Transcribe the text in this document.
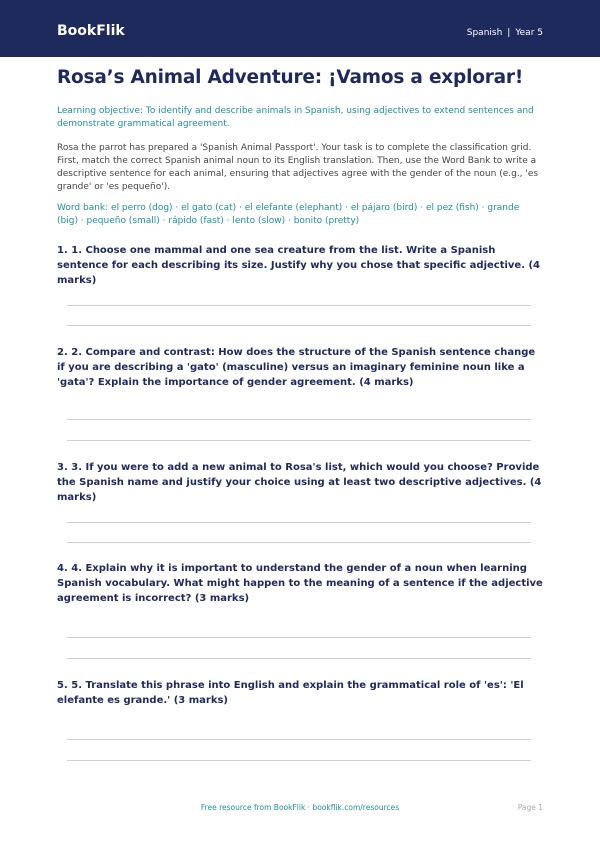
BookFlik	Spanish | Year 5
Rosa’s Animal Adventure: ¡Vamos a explorar!

Learning objective: To identify and describe animals in Spanish, using adjectives to extend sentences and demonstrate grammatical agreement.

Rosa the parrot has prepared a 'Spanish Animal Passport'. Your task is to complete the classification grid. First, match the correct Spanish animal noun to its English translation. Then, use the Word Bank to write a descriptive sentence for each animal, ensuring that adjectives agree with the gender of the noun (e.g., 'es grande' or 'es pequeño').

Word bank: el perro (dog) · el gato (cat) · el elefante (elephant) · el pájaro (bird) · el pez (fish) · grande (big) · pequeño (small) · rápido (fast) · lento (slow) · bonito (pretty)

1. 1. Choose one mammal and one sea creature from the list. Write a Spanish sentence for each describing its size. Justify why you chose that specific adjective. (4 marks)

2. 2. Compare and contrast: How does the structure of the Spanish sentence change if you are describing a 'gato' (masculine) versus an imaginary feminine noun like a 'gata'? Explain the importance of gender agreement. (4 marks)

3. 3. If you were to add a new animal to Rosa's list, which would you choose? Provide the Spanish name and justify your choice using at least two descriptive adjectives. (4 marks)

4. 4. Explain why it is important to understand the gender of a noun when learning Spanish vocabulary. What might happen to the meaning of a sentence if the adjective agreement is incorrect? (3 marks)

5. 5. Translate this phrase into English and explain the grammatical role of 'es': 'El elefante es grande.' (3 marks)

Free resource from BookFlik · bookflik.com/resources	Page 1
